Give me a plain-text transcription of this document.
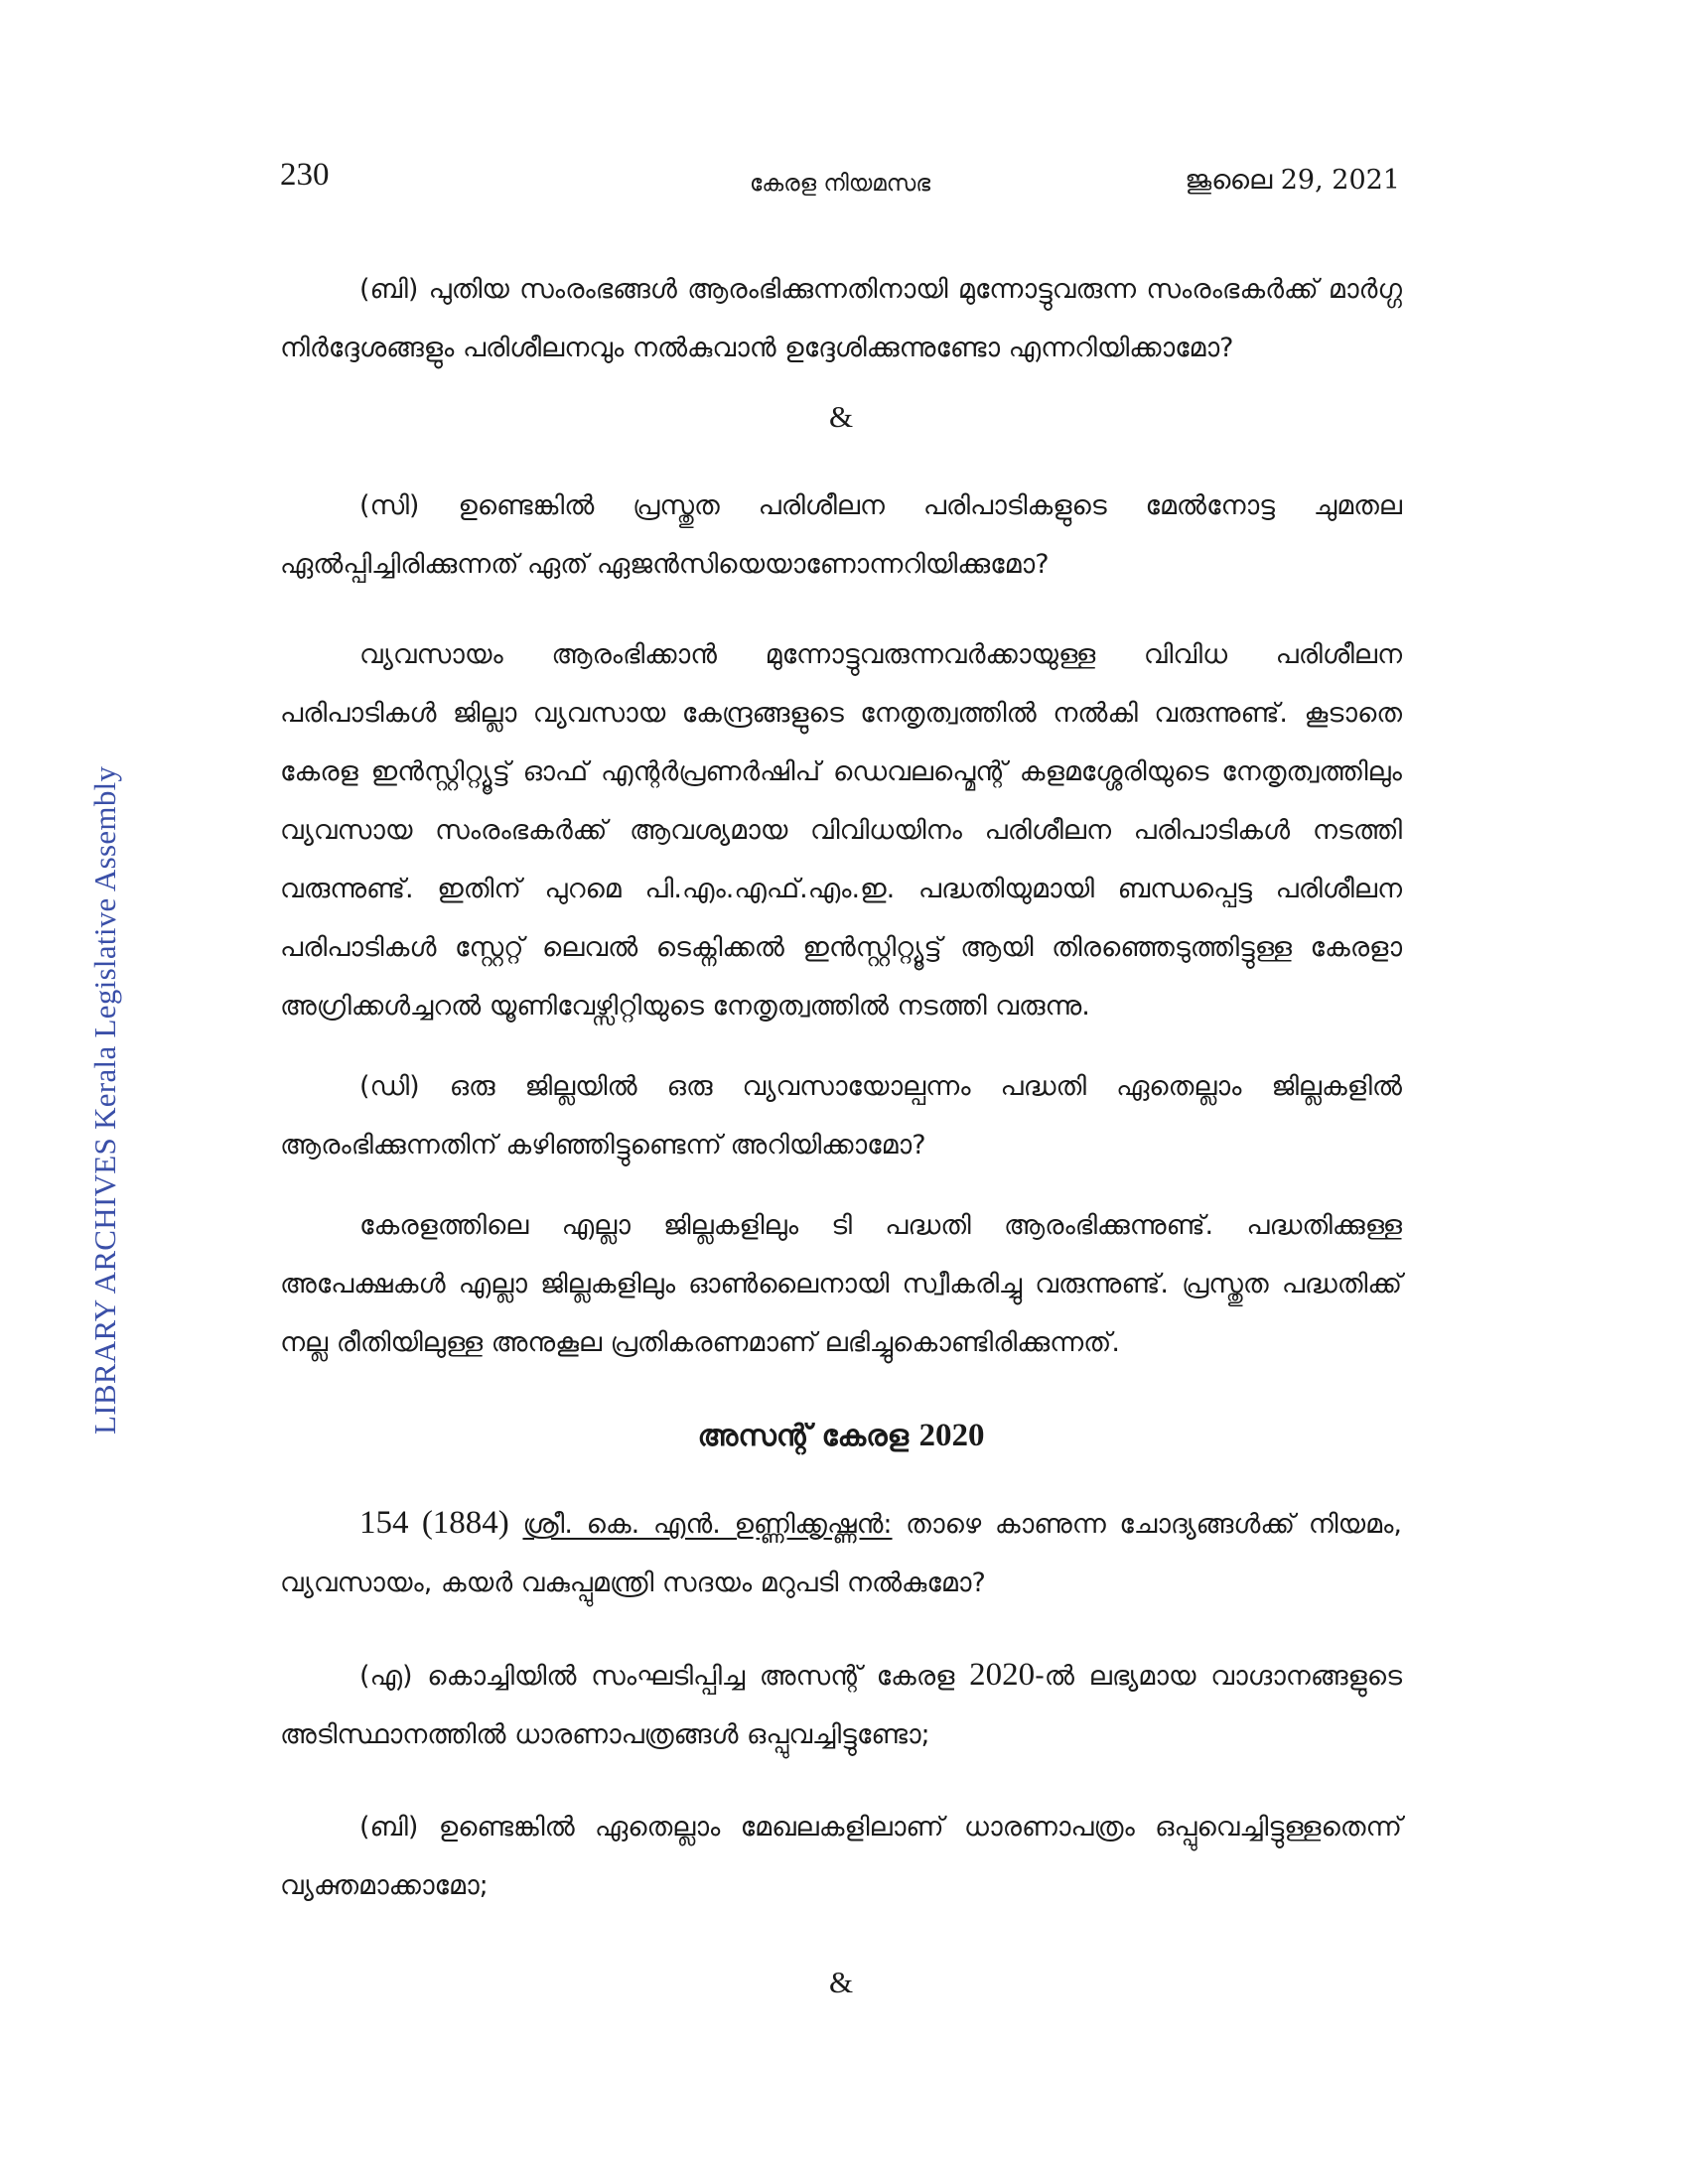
230	കേരള നിയമസഭ	ജൂലൈ 29, 2021
LIBRARY ARCHIVES Kerala Legislative Assembly

(ബി) പുതിയ സംരംഭങ്ങൾ ആരംഭിക്കുന്നതിനായി മുന്നോട്ടുവരുന്ന സംരംഭകർക്ക് മാർഗ്ഗ നിർദ്ദേശങ്ങളും പരിശീലനവും നൽകുവാൻ ഉദ്ദേശിക്കുന്നുണ്ടോ എന്നറിയിക്കാമോ?

&

(സി) ഉണ്ടെങ്കിൽ പ്രസ്തുത പരിശീലന പരിപാടികളുടെ മേൽനോട്ട ചുമതല ഏൽപ്പിച്ചിരിക്കുന്നത് ഏത് ഏജൻസിയെയാണോന്നറിയിക്കുമോ?

വ്യവസായം ആരംഭിക്കാൻ മുന്നോട്ടുവരുന്നവർക്കായുള്ള വിവിധ പരിശീലന പരിപാടികൾ ജില്ലാ വ്യവസായ കേന്ദ്രങ്ങളുടെ നേതൃത്വത്തിൽ നൽകി വരുന്നുണ്ട്. കൂടാതെ കേരള ഇൻസ്റ്റിറ്റ്യൂട്ട് ഓഫ് എന്റർപ്രണർഷിപ് ഡെവലപ്മെന്റ് കളമശ്ശേരിയുടെ നേതൃത്വത്തിലും വ്യവസായ സംരംഭകർക്ക് ആവശ്യമായ വിവിധയിനം പരിശീലന പരിപാടികൾ നടത്തി വരുന്നുണ്ട്. ഇതിന് പുറമെ പി.എം.എഫ്.എം.ഇ. പദ്ധതിയുമായി ബന്ധപ്പെട്ട പരിശീലന പരിപാടികൾ സ്റ്റേറ്റ് ലെവൽ ടെക്നിക്കൽ ഇൻസ്റ്റിറ്റ്യൂട്ട് ആയി തിരഞ്ഞെടുത്തിട്ടുള്ള കേരളാ അഗ്രിക്കൾച്ചറൽ യൂണിവേഴ്സിറ്റിയുടെ നേതൃത്വത്തിൽ നടത്തി വരുന്നു.

(ഡി) ഒരു ജില്ലയിൽ ഒരു വ്യവസായോല്പന്നം പദ്ധതി ഏതെല്ലാം ജില്ലകളിൽ ആരംഭിക്കുന്നതിന് കഴിഞ്ഞിട്ടുണ്ടെന്ന് അറിയിക്കാമോ?

കേരളത്തിലെ എല്ലാ ജില്ലകളിലും ടി പദ്ധതി ആരംഭിക്കുന്നുണ്ട്. പദ്ധതിക്കുള്ള അപേക്ഷകൾ എല്ലാ ജില്ലകളിലും ഓൺലൈനായി സ്വീകരിച്ചു വരുന്നുണ്ട്. പ്രസ്തുത പദ്ധതിക്ക് നല്ല രീതിയിലുള്ള അനുകൂല പ്രതികരണമാണ് ലഭിച്ചുകൊണ്ടിരിക്കുന്നത്.

അസന്റ് കേരള 2020

154 (1884) ശ്രീ. കെ. എൻ. ഉണ്ണിക്കൃഷ്ണൻ: താഴെ കാണുന്ന ചോദ്യങ്ങൾക്ക് നിയമം, വ്യവസായം, കയർ വകുപ്പുമന്ത്രി സദയം മറുപടി നൽകുമോ?

(എ) കൊച്ചിയിൽ സംഘടിപ്പിച്ച അസന്റ് കേരള 2020-ൽ ലഭ്യമായ വാഗ്ദാനങ്ങളുടെ അടിസ്ഥാനത്തിൽ ധാരണാപത്രങ്ങൾ ഒപ്പുവച്ചിട്ടുണ്ടോ;

(ബി) ഉണ്ടെങ്കിൽ ഏതെല്ലാം മേഖലകളിലാണ് ധാരണാപത്രം ഒപ്പുവെച്ചിട്ടുള്ളതെന്ന് വ്യക്തമാക്കാമോ;

&
